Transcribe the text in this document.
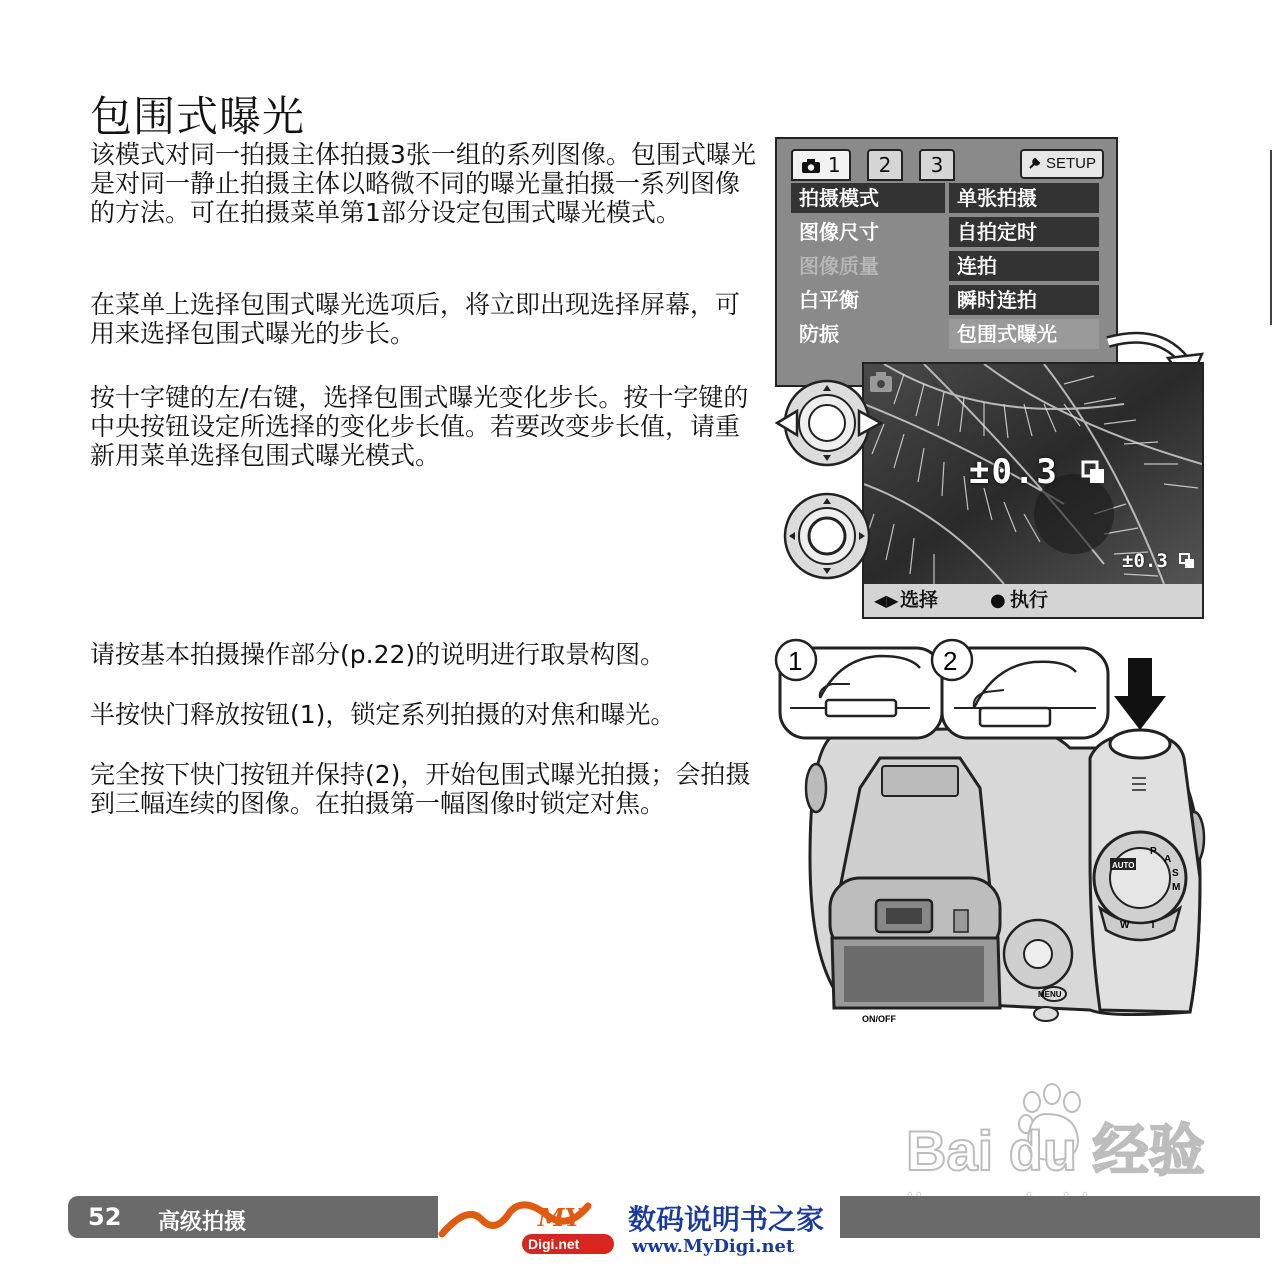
包围式曝光

该模式对同一拍摄主体拍摄3张一组的系列图像。包围式曝光是对同一静止拍摄主体以略微不同的曝光量拍摄一系列图像的方法。可在拍摄菜单第1部分设定包围式曝光模式。

在菜单上选择包围式曝光选项后，将立即出现选择屏幕，可用来选择包围式曝光的步长。

按十字键的左/右键，选择包围式曝光变化步长。按十字键的中央按钮设定所选择的变化步长值。若要改变步长值，请重新用菜单选择包围式曝光模式。

请按基本拍摄操作部分(p.22)的说明进行取景构图。

半按快门释放按钮(1)，锁定系列拍摄的对焦和曝光。

完全按下快门按钮并保持(2)，开始包围式曝光拍摄；会拍摄到三幅连续的图像。在拍摄第一幅图像时锁定对焦。

1	2	3	SETUP
拍摄模式	单张拍摄
图像尺寸	自拍定时
图像质量	连拍
白平衡	瞬时连拍
防振	包围式曝光
±0.3
±0.3
◀▶ 选择	● 执行
MENU
ON/OFF
AUTO
P
A
S
M
W T
1	2
Bai du 经验
52 高级拍摄	MY
Digi.net
数码说明书之家
www.MyDigi.net
